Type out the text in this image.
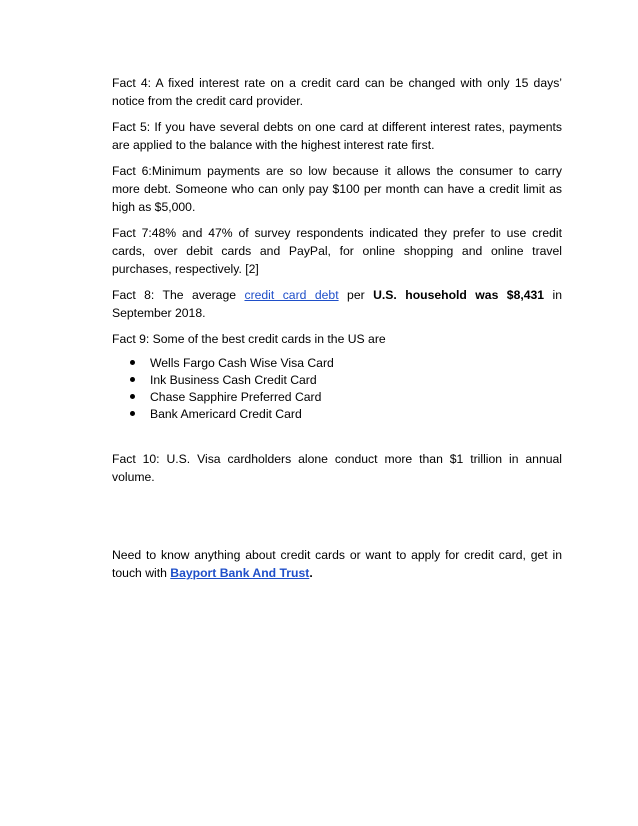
Fact 4: A fixed interest rate on a credit card can be changed with only 15 days’ notice from the credit card provider.

Fact 5: If you have several debts on one card at different interest rates, payments are applied to the balance with the highest interest rate first.

Fact 6:Minimum payments are so low because it allows the consumer to carry more debt. Someone who can only pay $100 per month can have a credit limit as high as $5,000.

Fact 7:48% and 47% of survey respondents indicated they prefer to use credit cards, over debit cards and PayPal, for online shopping and online travel purchases, respectively. [2]

Fact 8: The average credit card debt per U.S. household was $8,431 in September 2018.

Fact 9: Some of the best credit cards in the US are

Wells Fargo Cash Wise Visa Card
Ink Business Cash Credit Card
Chase Sapphire Preferred Card
Bank Americard Credit Card

Fact 10: U.S. Visa cardholders alone conduct more than $1 trillion in annual volume.

Need to know anything about credit cards or want to apply for credit card, get in touch with Bayport Bank And Trust.
